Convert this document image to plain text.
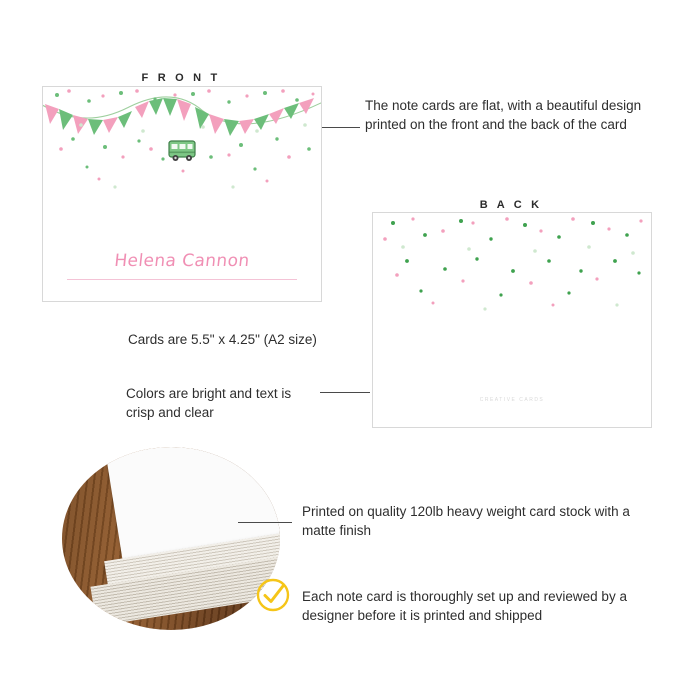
F R O N T
Helena Cannon
The note cards are flat, with a beautiful design printed on the front and the back of the card
B A C K
CREATIVE CARDS
Cards are 5.5" x 4.25" (A2 size)
Colors are bright and text is crisp and clear
Printed on quality 120lb heavy weight card stock with a matte finish
Each note card is thoroughly set up and reviewed by a designer before it is printed and shipped
